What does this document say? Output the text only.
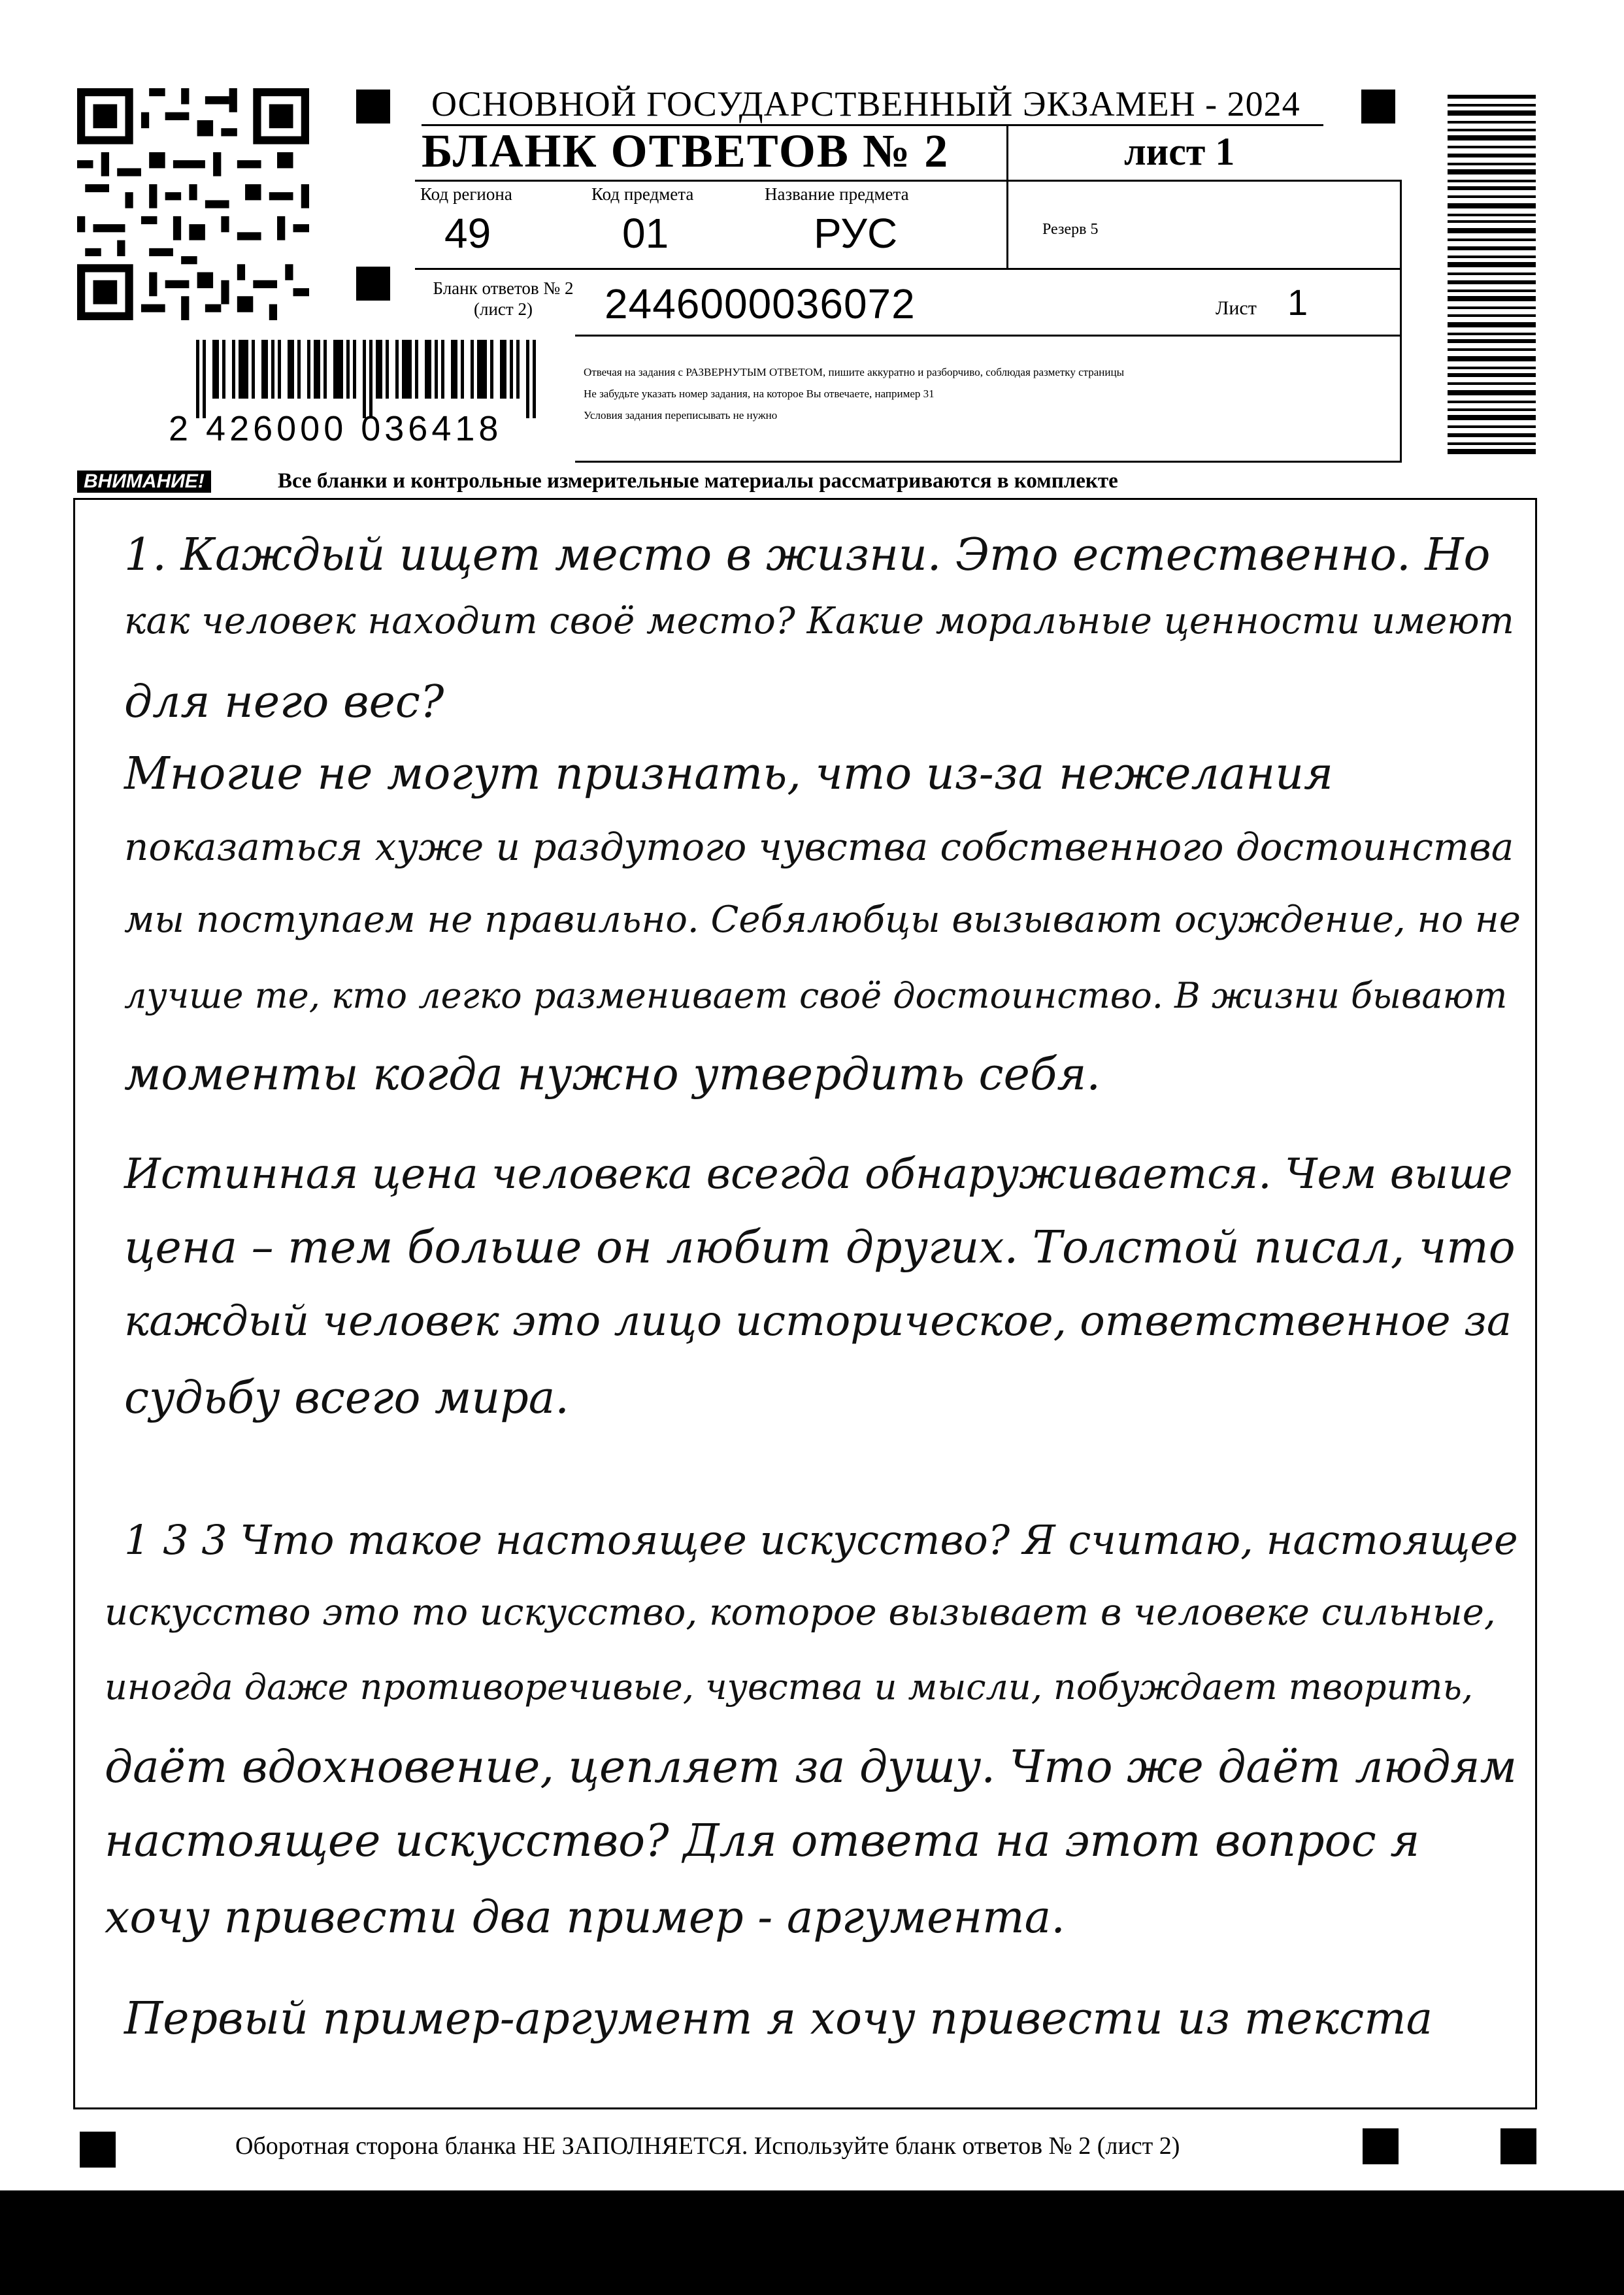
ОСНОВНОЙ ГОСУДАРСТВЕННЫЙ ЭКЗАМЕН - 2024
БЛАНК ОТВЕТОВ № 2	лист 1
Код региона
49
Код предмета
01
Название предмета
РУС	Резерв 5
Бланк ответов № 2 (лист 2)	2446000036072	Лист 1
2 426000 036418
Отвечая на задания с РАЗВЕРНУТЫМ ОТВЕТОМ, пишите аккуратно и разборчиво, соблюдая разметку страницы
Не забудьте указать номер задания, на которое Вы отвечаете, например 31
Условия задания переписывать не нужно
ВНИМАНИЕ!	Все бланки и контрольные измерительные материалы рассматриваются в комплекте
1. Каждый ищет место в жизни. Это естественно. Но
как человек находит своё место? Какие моральные ценности имеют
для него вес?
Многие не могут признать, что из-за нежелания
показаться хуже и раздутого чувства собственного достоинства
мы поступаем не правильно. Себялюбцы вызывают осуждение, но не
лучше те, кто легко разменивает своё достоинство. В жизни бывают
моменты когда нужно утвердить себя.
Истинная цена человека всегда обнаруживается. Чем выше
цена – тем больше он любит других. Толстой писал, что
каждый человек это лицо историческое, ответственное за
судьбу всего мира.
1 3 3 Что такое настоящее искусство? Я считаю, настоящее
искусство это то искусство, которое вызывает в человеке сильные,
иногда даже противоречивые, чувства и мысли, побуждает творить,
даёт вдохновение, цепляет за душу. Что же даёт людям
настоящее искусство? Для ответа на этот вопрос я
хочу привести два пример - аргумента.
Первый пример-аргумент я хочу привести из текста
Оборотная сторона бланка НЕ ЗАПОЛНЯЕТСЯ. Используйте бланк ответов № 2 (лист 2)
